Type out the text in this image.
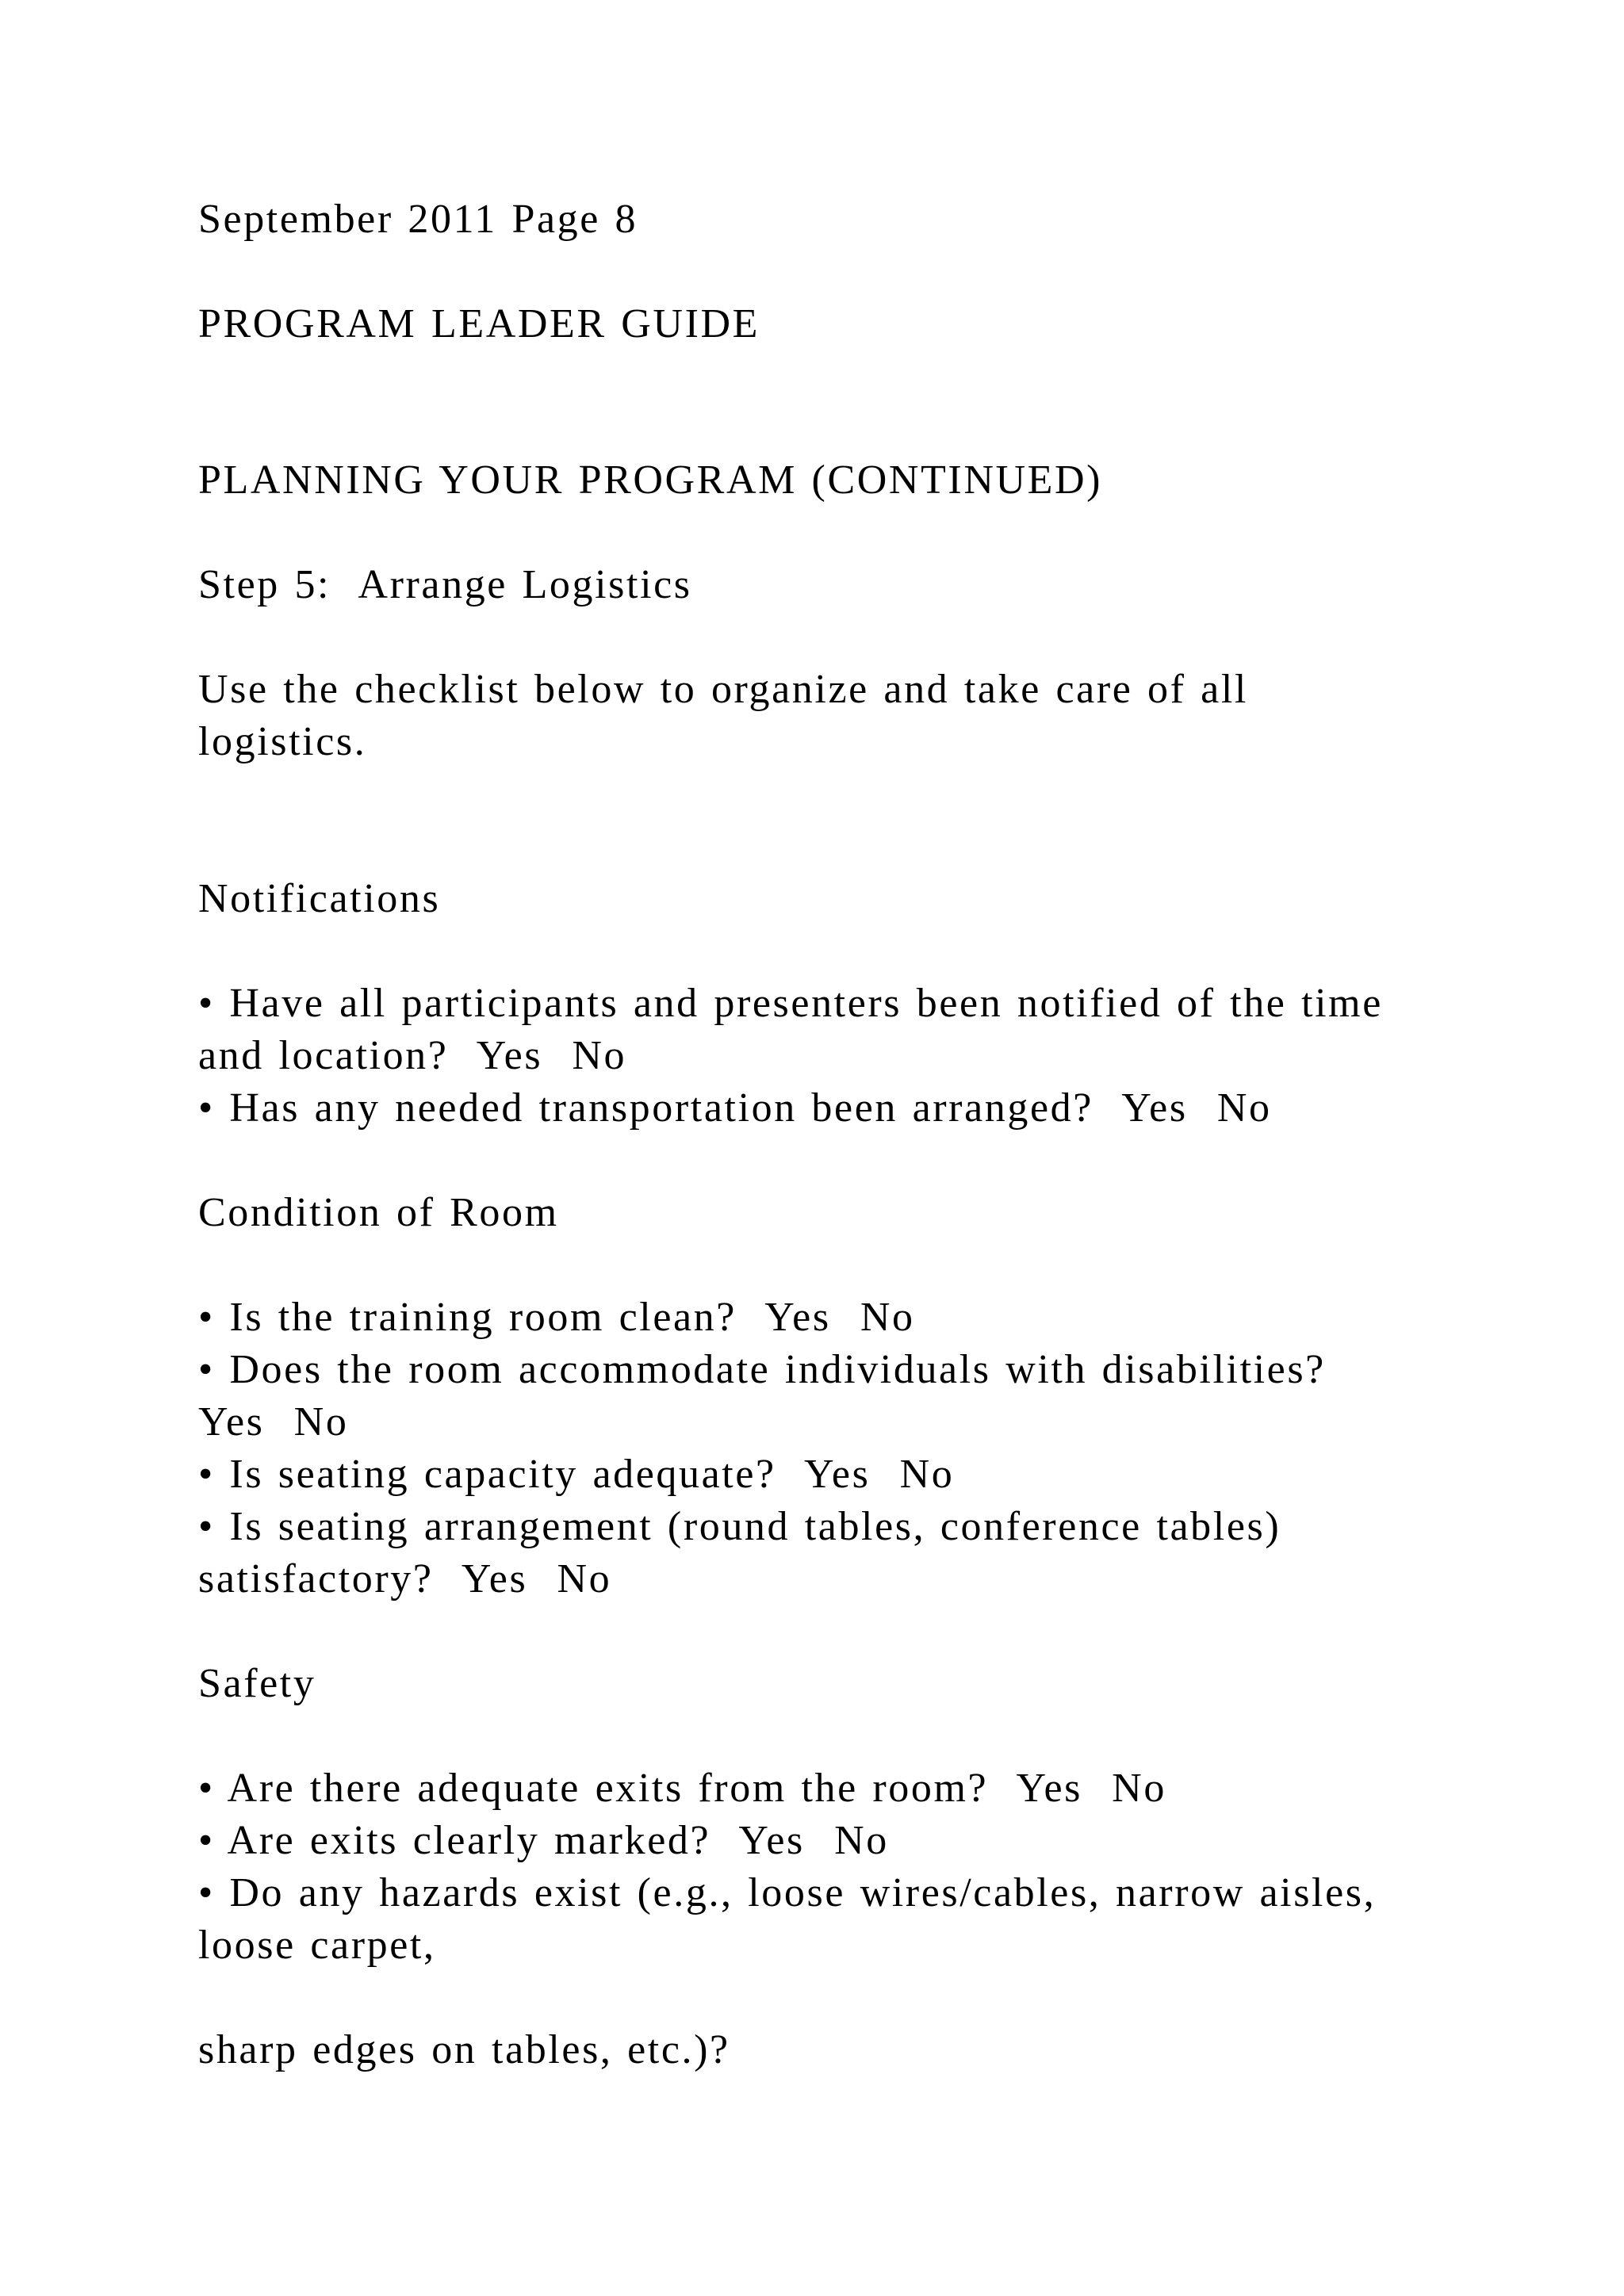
September 2011 Page 8

PROGRAM LEADER GUIDE

PLANNING YOUR PROGRAM (CONTINUED)

Step 5:  Arrange Logistics

Use the checklist below to organize and take care of all
logistics.

Notifications

• Have all participants and presenters been notified of the time
and location?  Yes  No

• Has any needed transportation been arranged?  Yes  No

Condition of Room

• Is the training room clean?  Yes  No

• Does the room accommodate individuals with disabilities?
Yes  No

• Is seating capacity adequate?  Yes  No

• Is seating arrangement (round tables, conference tables)
satisfactory?  Yes  No

Safety

• Are there adequate exits from the room?  Yes  No

• Are exits clearly marked?  Yes  No

• Do any hazards exist (e.g., loose wires/cables, narrow aisles,
loose carpet,

sharp edges on tables, etc.)?
